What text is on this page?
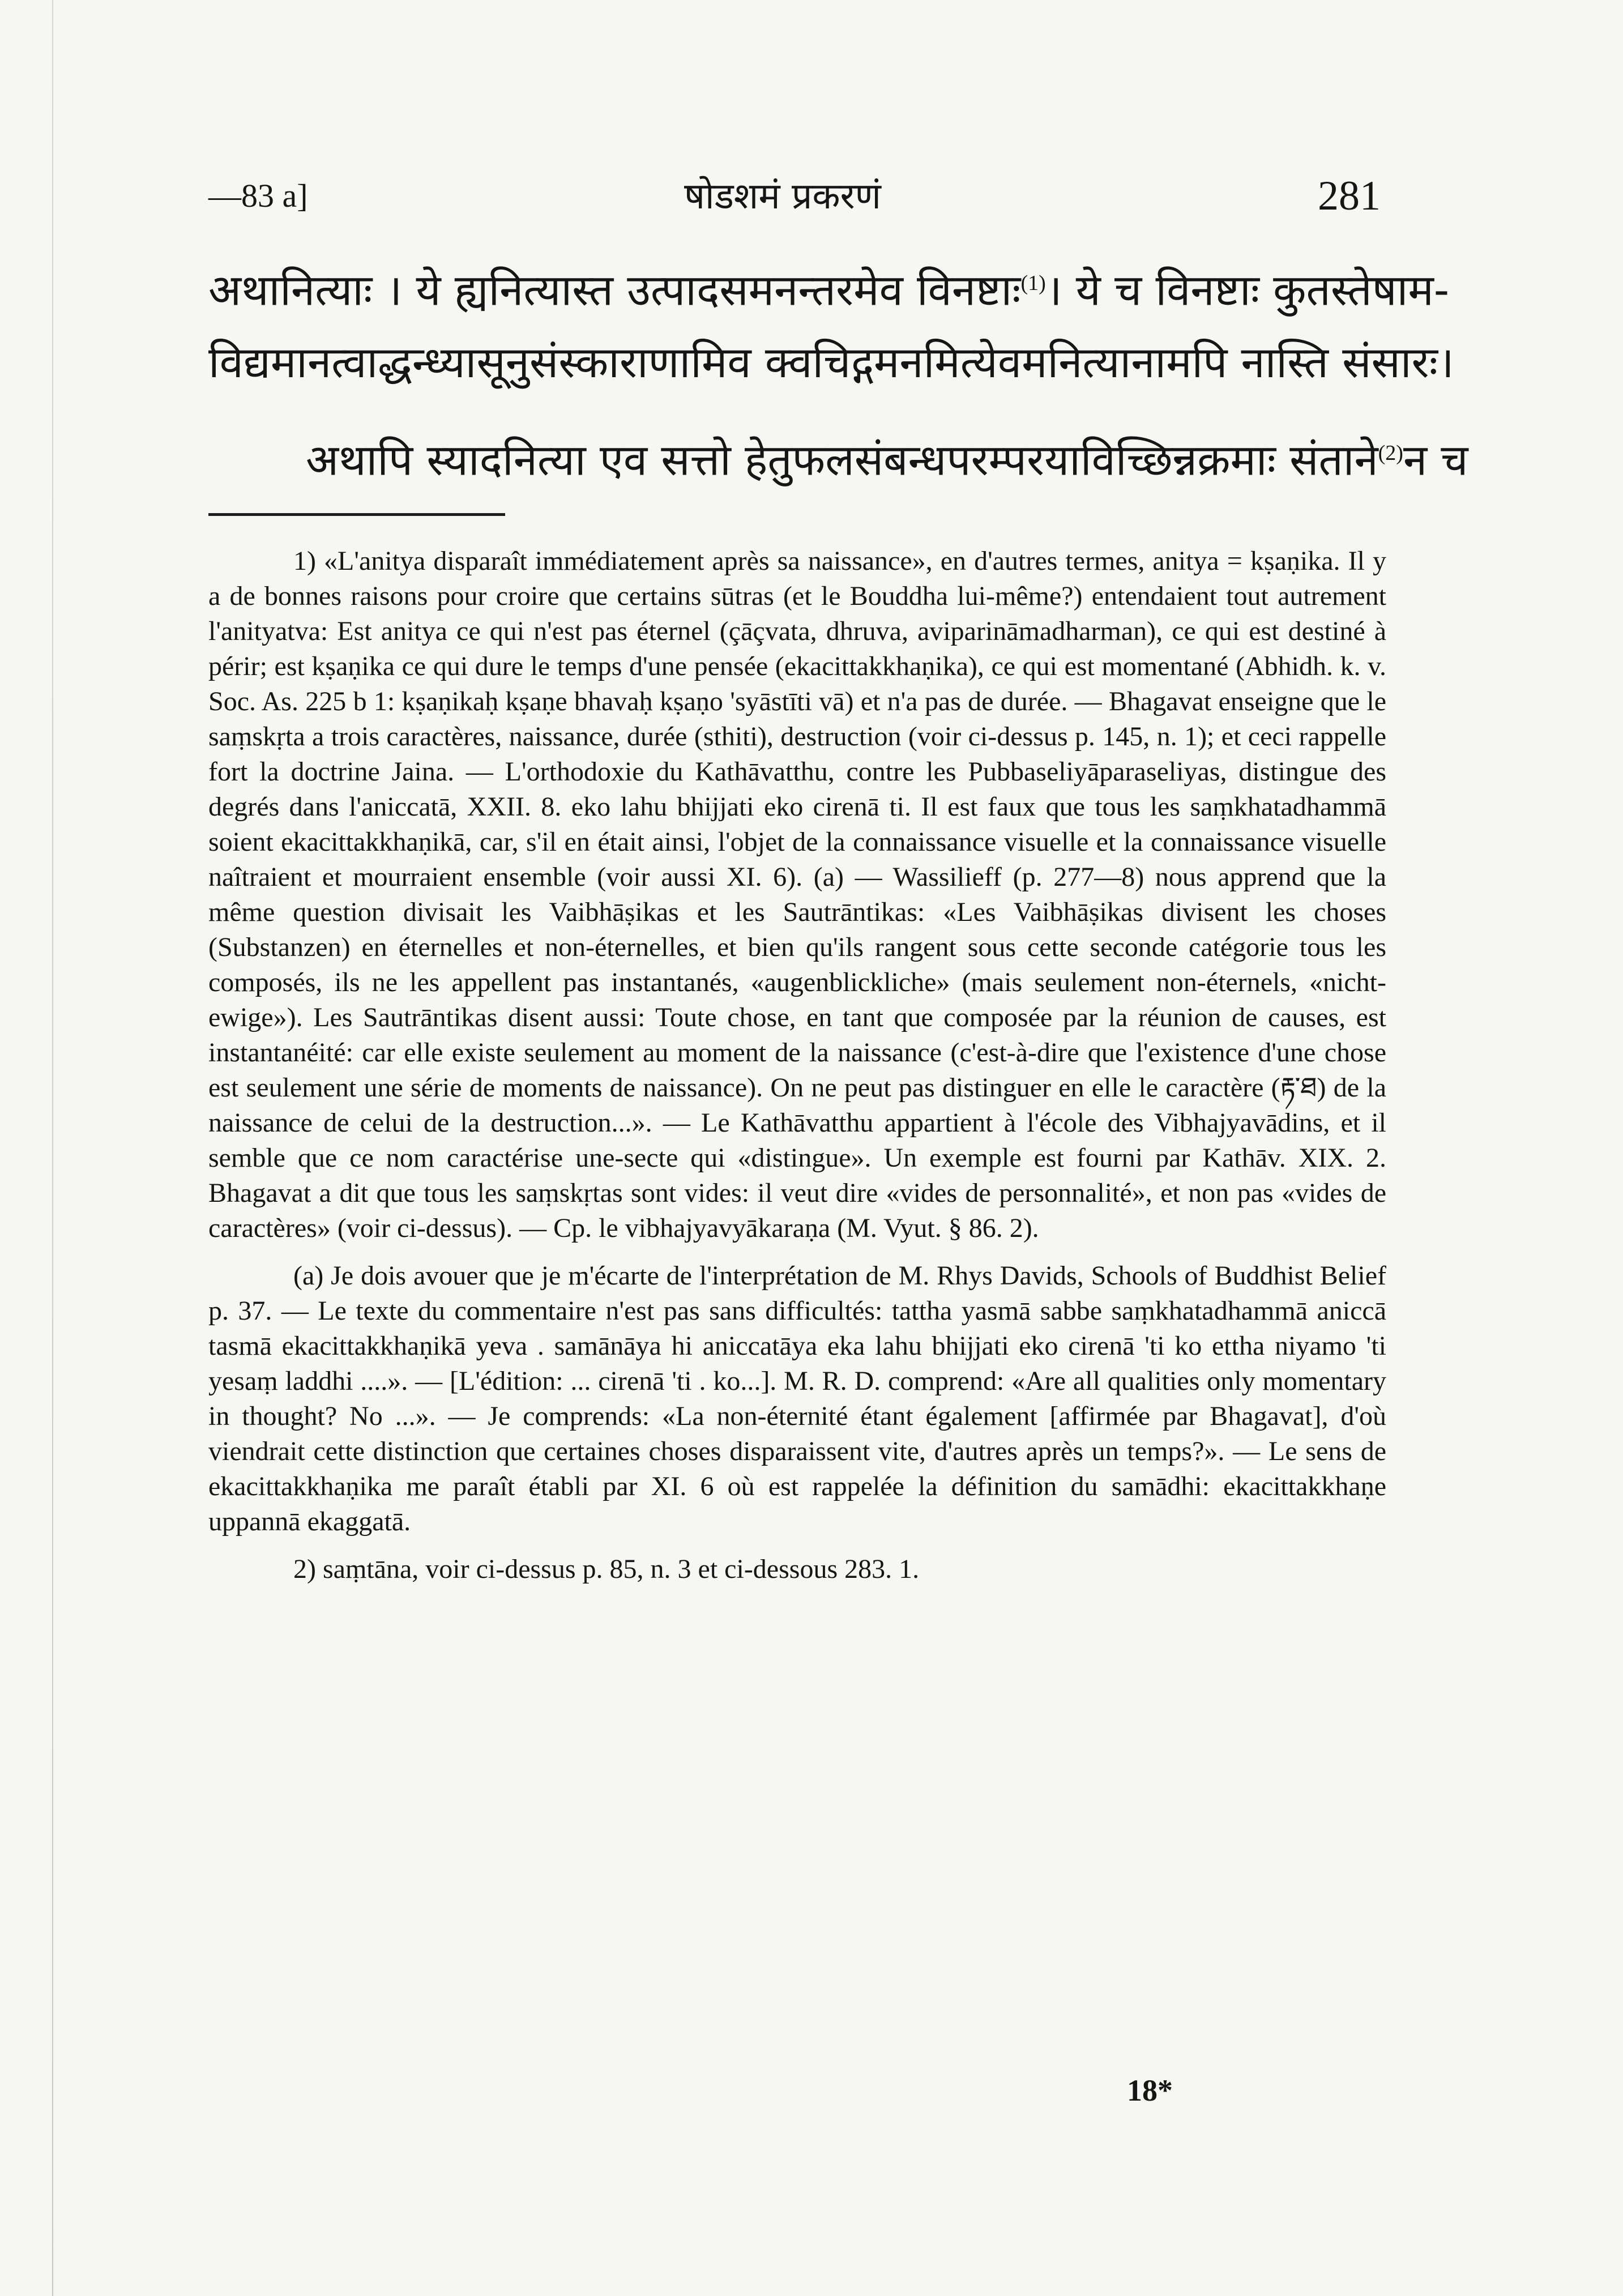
—83 a]	षोडशमं प्रकरणं	281
अथानित्याः । ये ह्यनित्यास्त उत्पादसमनन्तरमेव विनष्टाः$^{(1)}$। ये च विनष्टाः कुतस्तेषाम-
विद्यमानत्वाद्धन्ध्यासूनुसंस्काराणामिव क्वचिद्गमनमित्येवमनित्यानामपि नास्ति संसारः।
अथापि स्यादनित्या एव सत्तो हेतुफलसंबन्धपरम्परयाविच्छिन्नक्रमाः संताने$^{(2)}$न च

1) «L'anitya disparaît immédiatement après sa naissance», en d'autres termes, anitya = kṣaṇika. Il y a de bonnes raisons pour croire que certains sūtras (et le Bouddha lui-même?) entendaient tout autrement l'anityatva: Est anitya ce qui n'est pas éternel (çāçvata, dhruva, aviparināmadharman), ce qui est destiné à périr; est kṣaṇika ce qui dure le temps d'une pensée (ekacittakkhaṇika), ce qui est momentané (Abhidh. k. v. Soc. As. 225 b 1: kṣaṇikaḥ kṣaṇe bhavaḥ kṣaṇo 'syāstīti vā) et n'a pas de durée. — Bhagavat enseigne que le saṃskṛta a trois caractères, naissance, durée (sthiti), destruction (voir ci-dessus p. 145, n. 1); et ceci rappelle fort la doctrine Jaina. — L'orthodoxie du Kathāvatthu, contre les Pubbaseliyāparaseliyas, distingue des degrés dans l'aniccatā, XXII. 8. eko lahu bhijjati eko cirenā ti. Il est faux que tous les saṃkhatadhammā soient ekacittakkhaṇikā, car, s'il en était ainsi, l'objet de la connaissance visuelle et la connaissance visuelle naîtraient et mourraient ensemble (voir aussi XI. 6). (a) — Wassilieff (p. 277—8) nous apprend que la même question divisait les Vaibhāṣikas et les Sautrāntikas: «Les Vaibhāṣikas divisent les choses (Substanzen) en éternelles et non-éternelles, et bien qu'ils rangent sous cette seconde catégorie tous les composés, ils ne les appellent pas instantanés, «augenblickliche» (mais seulement non-éternels, «nicht-ewige»). Les Sautrāntikas disent aussi: Toute chose, en tant que composée par la réunion de causes, est instantanéité: car elle existe seulement au moment de la naissance (c'est-à-dire que l'existence d'une chose est seulement une série de moments de naissance). On ne peut pas distinguer en elle le caractère (རྟ་ཐ) de la naissance de celui de la destruction...». — Le Kathāvatthu appartient à l'école des Vibhajyavādins, et il semble que ce nom caractérise une-secte qui «distingue». Un exemple est fourni par Kathāv. XIX. 2. Bhagavat a dit que tous les saṃskṛtas sont vides: il veut dire «vides de personnalité», et non pas «vides de caractères» (voir ci-dessus). — Cp. le vibhajyavyākaraṇa (M. Vyut. § 86. 2).

(a) Je dois avouer que je m'écarte de l'interprétation de M. Rhys Davids, Schools of Buddhist Belief p. 37. — Le texte du commentaire n'est pas sans difficultés: tattha yasmā sabbe saṃkhatadhammā aniccā tasmā ekacittakkhaṇikā yeva . samānāya hi aniccatāya eka lahu bhijjati eko cirenā 'ti ko ettha niyamo 'ti yesaṃ laddhi ....». — [L'édition: ... cirenā 'ti . ko...]. M. R. D. comprend: «Are all qualities only momentary in thought? No ...». — Je comprends: «La non-éternité étant également [affirmée par Bhagavat], d'où viendrait cette distinction que certaines choses disparaissent vite, d'autres après un temps?». — Le sens de ekacittakkhaṇika me paraît établi par XI. 6 où est rappelée la définition du samādhi: ekacittakkhaṇe uppannā ekaggatā.

2) saṃtāna, voir ci-dessus p. 85, n. 3 et ci-dessous 283. 1.

18*
